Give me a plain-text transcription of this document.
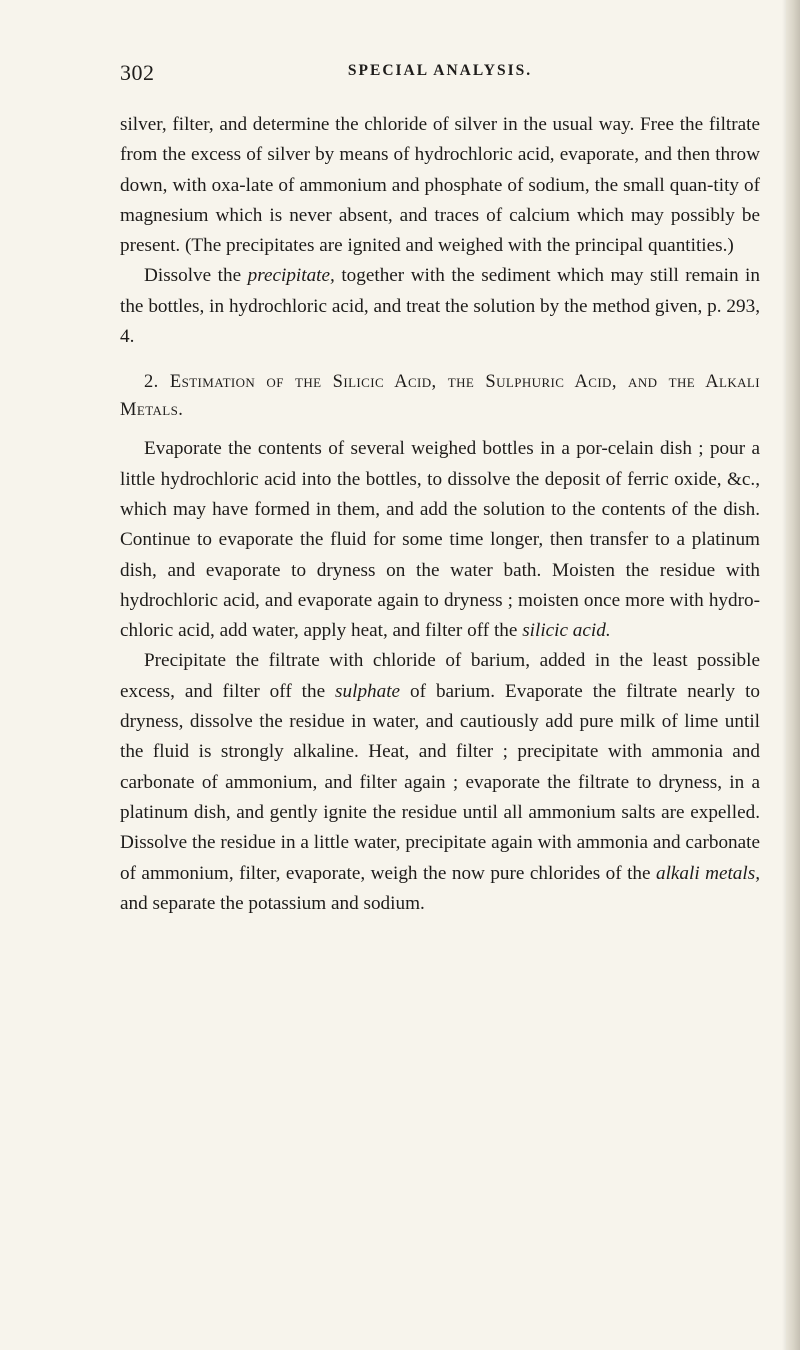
302	SPECIAL ANALYSIS.

silver, filter, and determine the chloride of silver in the usual way. Free the filtrate from the excess of silver by means of hydrochloric acid, evaporate, and then throw down, with oxa-late of ammonium and phosphate of sodium, the small quan-tity of magnesium which is never absent, and traces of calcium which may possibly be present. (The precipitates are ignited and weighed with the principal quantities.)

Dissolve the precipitate, together with the sediment which may still remain in the bottles, in hydrochloric acid, and treat the solution by the method given, p. 293, 4.

2. Estimation of the Silicic Acid, the Sulphuric Acid, and the Alkali Metals.

Evaporate the contents of several weighed bottles in a por-celain dish ; pour a little hydrochloric acid into the bottles, to dissolve the deposit of ferric oxide, &c., which may have formed in them, and add the solution to the contents of the dish. Continue to evaporate the fluid for some time longer, then transfer to a platinum dish, and evaporate to dryness on the water bath. Moisten the residue with hydrochloric acid, and evaporate again to dryness ; moisten once more with hydro-chloric acid, add water, apply heat, and filter off the silicic acid.

Precipitate the filtrate with chloride of barium, added in the least possible excess, and filter off the sulphate of barium. Evaporate the filtrate nearly to dryness, dissolve the residue in water, and cautiously add pure milk of lime until the fluid is strongly alkaline. Heat, and filter ; precipitate with ammonia and carbonate of ammonium, and filter again ; evaporate the filtrate to dryness, in a platinum dish, and gently ignite the residue until all ammonium salts are expelled. Dissolve the residue in a little water, precipitate again with ammonia and carbonate of ammonium, filter, evaporate, weigh the now pure chlorides of the alkali metals, and separate the potassium and sodium.
